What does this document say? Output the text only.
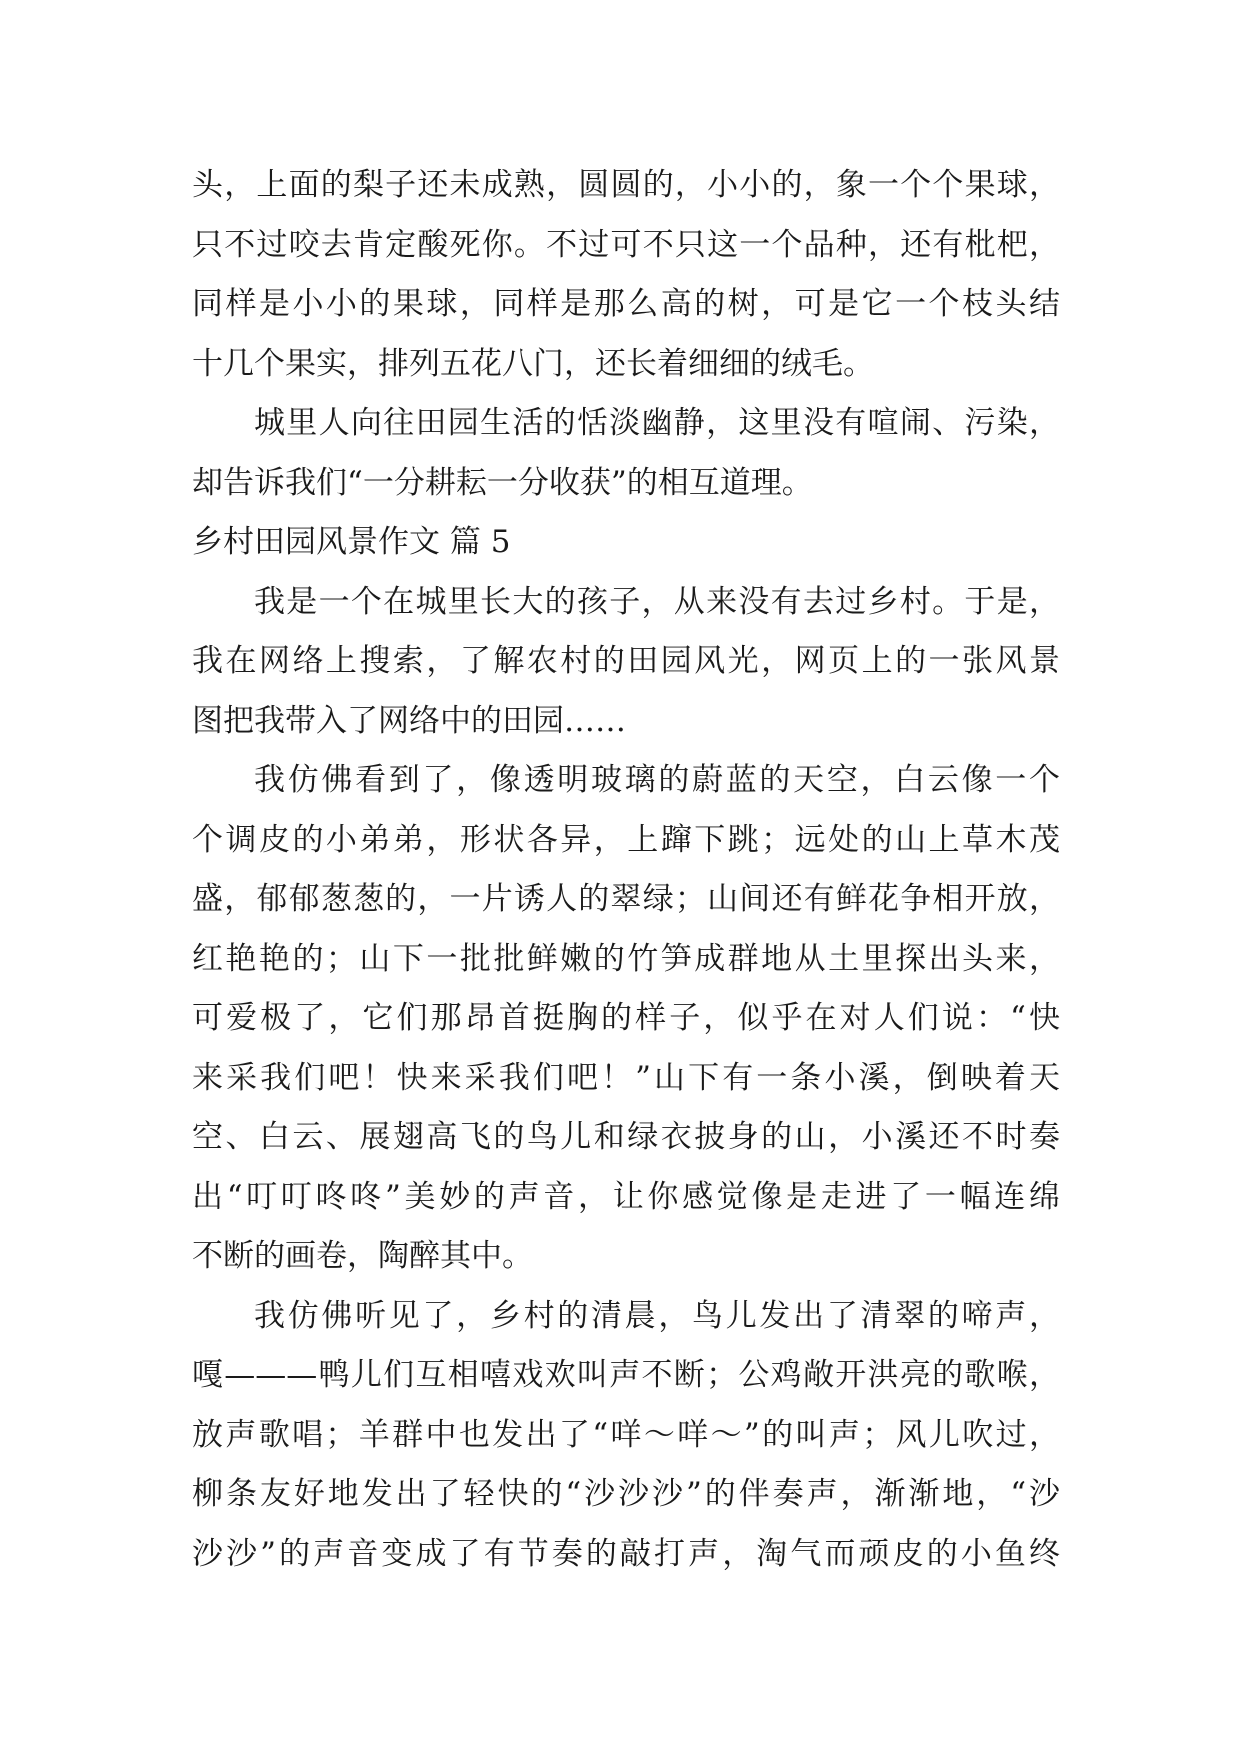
头，上面的梨子还未成熟，圆圆的，小小的，象一个个果球，
只不过咬去肯定酸死你。不过可不只这一个品种，还有枇杷，
同样是小小的果球，同样是那么高的树，可是它一个枝头结
十几个果实，排列五花八门，还长着细细的绒毛。
城里人向往田园生活的恬淡幽静，这里没有喧闹、污染，
却告诉我们“一分耕耘一分收获”的相互道理。
乡村田园风景作文 篇 5
我是一个在城里长大的孩子，从来没有去过乡村。于是，
我在网络上搜索，了解农村的田园风光，网页上的一张风景
图把我带入了网络中的田园……
我仿佛看到了，像透明玻璃的蔚蓝的天空，白云像一个
个调皮的小弟弟，形状各异，上蹿下跳；远处的山上草木茂
盛，郁郁葱葱的，一片诱人的翠绿；山间还有鲜花争相开放，
红艳艳的；山下一批批鲜嫩的竹笋成群地从土里探出头来，
可爱极了，它们那昂首挺胸的样子，似乎在对人们说：“快
来采我们吧！快来采我们吧！”山下有一条小溪，倒映着天
空、白云、展翅高飞的鸟儿和绿衣披身的山，小溪还不时奏
出“叮叮咚咚”美妙的声音，让你感觉像是走进了一幅连绵
不断的画卷，陶醉其中。
我仿佛听见了，乡村的清晨，鸟儿发出了清翠的啼声，
嘎———鸭儿们互相嘻戏欢叫声不断；公鸡敞开洪亮的歌喉，
放声歌唱；羊群中也发出了“咩～咩～”的叫声；风儿吹过，
柳条友好地发出了轻快的“沙沙沙”的伴奏声，渐渐地，“沙
沙沙”的声音变成了有节奏的敲打声，淘气而顽皮的小鱼终
